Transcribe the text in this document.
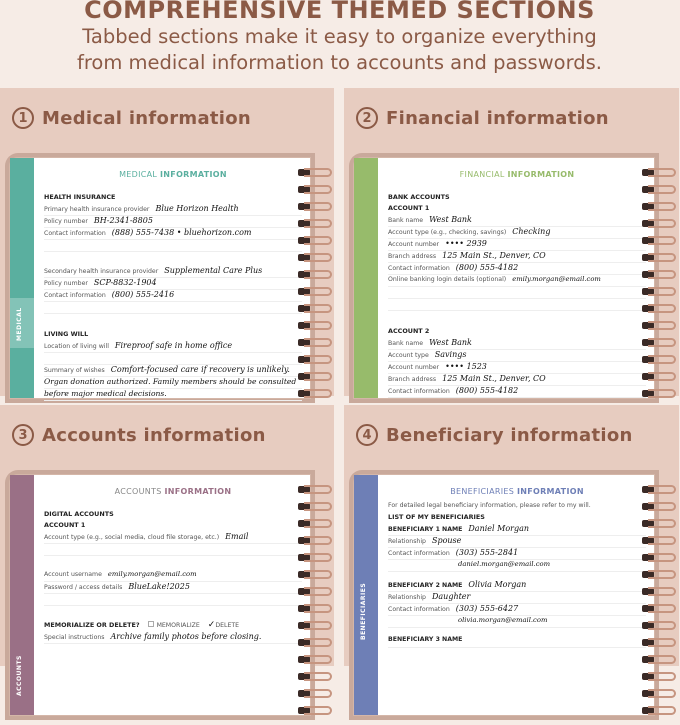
COMPREHENSIVE THEMED SECTIONS

Tabbed sections make it easy to organize everything

from medical information to accounts and passwords.

1 Medical information
MEDICAL
MEDICAL INFORMATION
HEALTH INSURANCE
Primary health insurance provider Blue Horizon Health
Policy number BH-2341-8805
Contact information (888) 555-7438 • bluehorizon.com
Secondary health insurance provider Supplemental Care Plus
Policy number SCP-8832-1904
Contact information (800) 555-2416
LIVING WILL
Location of living will Fireproof safe in home office
Summary of wishes Comfort-focused care if recovery is unlikely.
Organ donation authorized. Family members should be consulted
before major medical decisions.
2 Financial information
FINANCIAL INFORMATION
BANK ACCOUNTS
ACCOUNT 1
Bank name West Bank
Account type (e.g., checking, savings) Checking
Account number •••• 2939
Branch address 125 Main St., Denver, CO
Contact information (800) 555-4182
Online banking login details (optional) emily.morgan@email.com
ACCOUNT 2
Bank name West Bank
Account type Savings
Account number •••• 1523
Branch address 125 Main St., Denver, CO
Contact information (800) 555-4182
3 Accounts information
ACCOUNTS
ACCOUNTS INFORMATION
DIGITAL ACCOUNTS
ACCOUNT 1
Account type (e.g., social media, cloud file storage, etc.) Email
Account username emily.morgan@email.com
Password / access details BlueLake!2025
MEMORIALIZE OR DELETE?	MEMORIALIZE ✓ DELETE
Special instructions Archive family photos before closing.
4 Beneficiary information
BENEFICIARIES
BENEFICIARIES INFORMATION
For detailed legal beneficiary information, please refer to my will.
LIST OF MY BENEFICIARIES
BENEFICIARY 1 NAME Daniel Morgan
Relationship Spouse
Contact information (303) 555-2841
daniel.morgan@email.com
BENEFICIARY 2 NAME Olivia Morgan
Relationship Daughter
Contact information (303) 555-6427
olivia.morgan@email.com
BENEFICIARY 3 NAME
